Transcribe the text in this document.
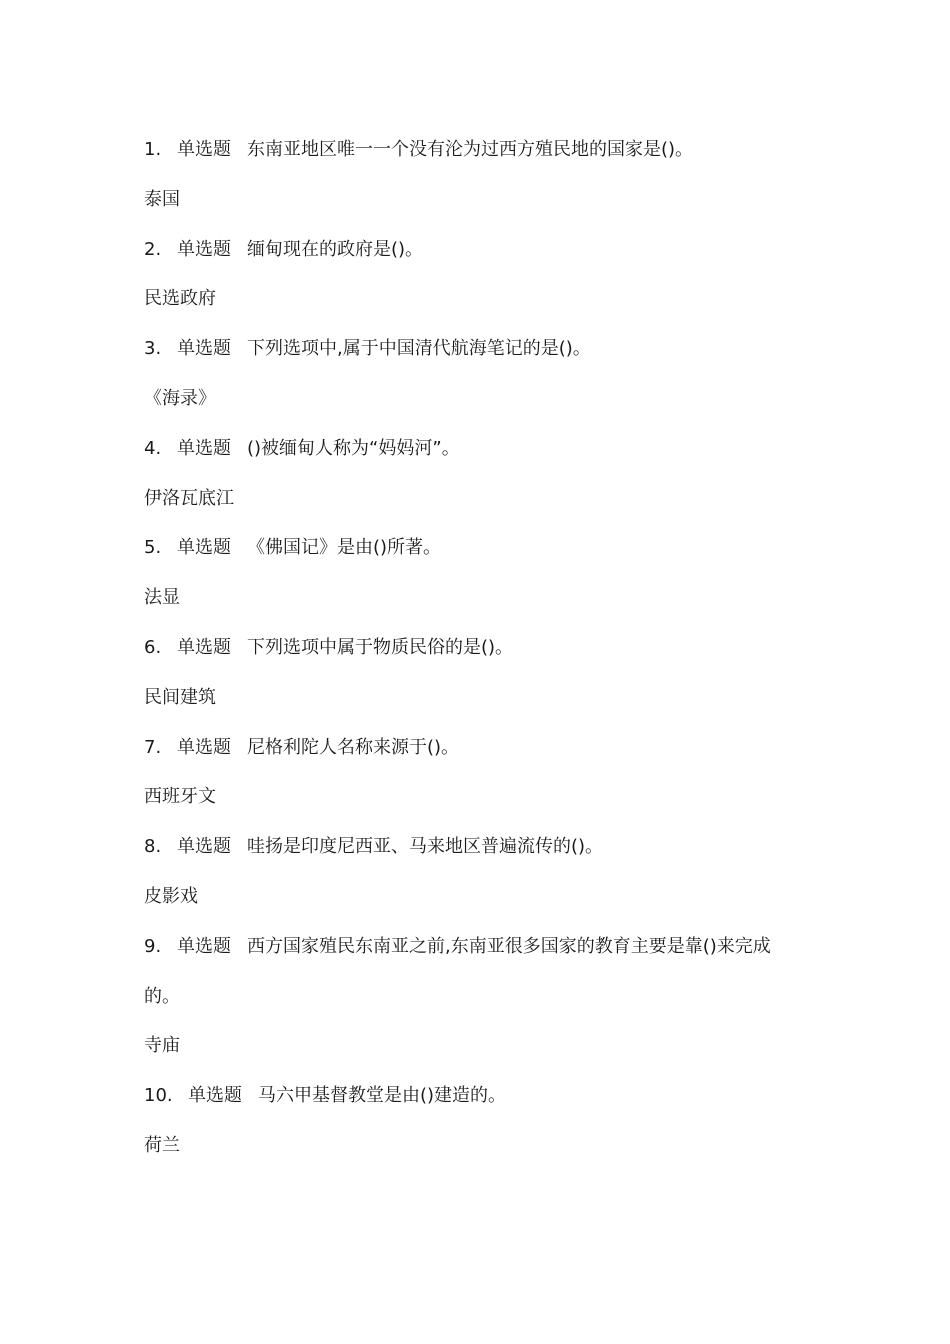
1. 单选题 东南亚地区唯一一个没有沦为过西方殖民地的国家是()。
泰国
2. 单选题 缅甸现在的政府是()。
民选政府
3. 单选题 下列选项中,属于中国清代航海笔记的是()。
《海录》
4. 单选题 ()被缅甸人称为“妈妈河”。
伊洛瓦底江
5. 单选题 《佛国记》是由()所著。
法显
6. 单选题 下列选项中属于物质民俗的是()。
民间建筑
7. 单选题 尼格利陀人名称来源于()。
西班牙文
8. 单选题 哇扬是印度尼西亚、马来地区普遍流传的()。
皮影戏
9. 单选题 西方国家殖民东南亚之前,东南亚很多国家的教育主要是靠()来完成
的。
寺庙
10. 单选题 马六甲基督教堂是由()建造的。
荷兰
